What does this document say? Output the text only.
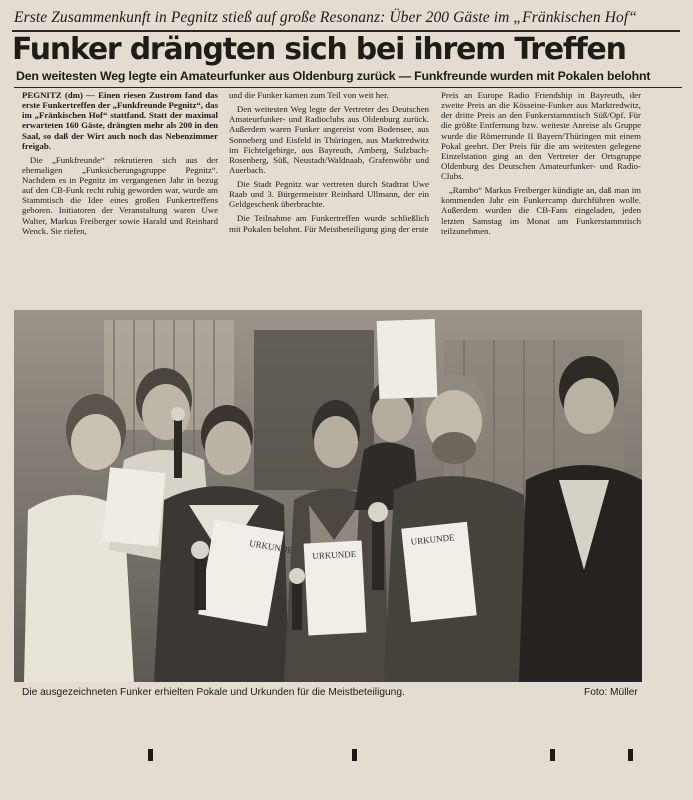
Erste Zusammenkunft in Pegnitz stieß auf große Resonanz: Über 200 Gäste im „Fränkischen Hof“
Funker drängten sich bei ihrem Treffen
Den weitesten Weg legte ein Amateurfunker aus Oldenburg zurück — Funkfreunde wurden mit Pokalen belohnt

PEGNITZ (dm) — Einen riesen Zustrom fand das erste Funkertreffen der „Funkfreunde Pegnitz“, das im „Fränkischen Hof“ stattfand. Statt der maximal erwarteten 160 Gäste, drängten mehr als 200 in den Saal, so daß der Wirt auch noch das Nebenzimmer freigab.

Die „Funkfreunde“ rekrutieren sich aus der ehemaligen „Funksicherungsgruppe Pegnitz“. Nachdem es in Pegnitz im vergangenen Jahr in bezug auf den CB-Funk recht ruhig geworden war, wurde am Stammtisch die Idee eines großen Funkertreffens geboren. Initiatoren der Veranstaltung waren Uwe Walter, Markus Freiberger sowie Harald und Reinhard Wenck. Sie riefen,

und die Funker kamen zum Teil von weit her.

Den weitesten Weg legte der Vertreter des Deutschen Amateurfunker- und Radioclubs aus Oldenburg zurück. Außerdem waren Funker angereist vom Bodensee, aus Sonneberg und Eisfeld in Thüringen, aus Marktredwitz im Fichtelgebirge, aus Bayreuth, Amberg, Sulzbach-Rosenberg, Süß, Neustadt/Waldnaab, Grafenwöhr und Auerbach.

Die Stadt Pegnitz war vertreten durch Stadtrat Uwe Raab und 3. Bürgermeister Reinhard Ullmann, der ein Geldgeschenk überbrachte.

Die Teilnahme am Funkertreffen wurde schließlich mit Pokalen belohnt. Für Meistbeteiligung ging der erste

Preis an Europe Radio Friendship in Bayreuth, der zweite Preis an die Kösseine-Funker aus Marktredwitz, der dritte Preis an den Funkerstammtisch Süß/Opf. Für die größte Entfernung bzw. weiteste Anreise als Gruppe wurde die Römerrunde II Bayern/Thüringen mit einem Pokal geehrt. Der Preis für die am weitesten gelegene Einzelstation ging an den Vertreter der Ortsgruppe Oldenburg des Deutschen Amateurfunker- und Radio-Clubs.

„Rambo“ Markus Freiberger kündigte an, daß man im kommenden Jahr ein Funkercamp durchführen wolle. Außerdem wurden die CB-Fans eingeladen, jeden letzten Samstag im Monat am Funkerstammtisch teilzunehmen.

URKUNDE URKUNDE
URKUNDE
Die ausgezeichneten Funker erhielten Pokale und Urkunden für die Meistbeteiligung.	Foto: Müller
